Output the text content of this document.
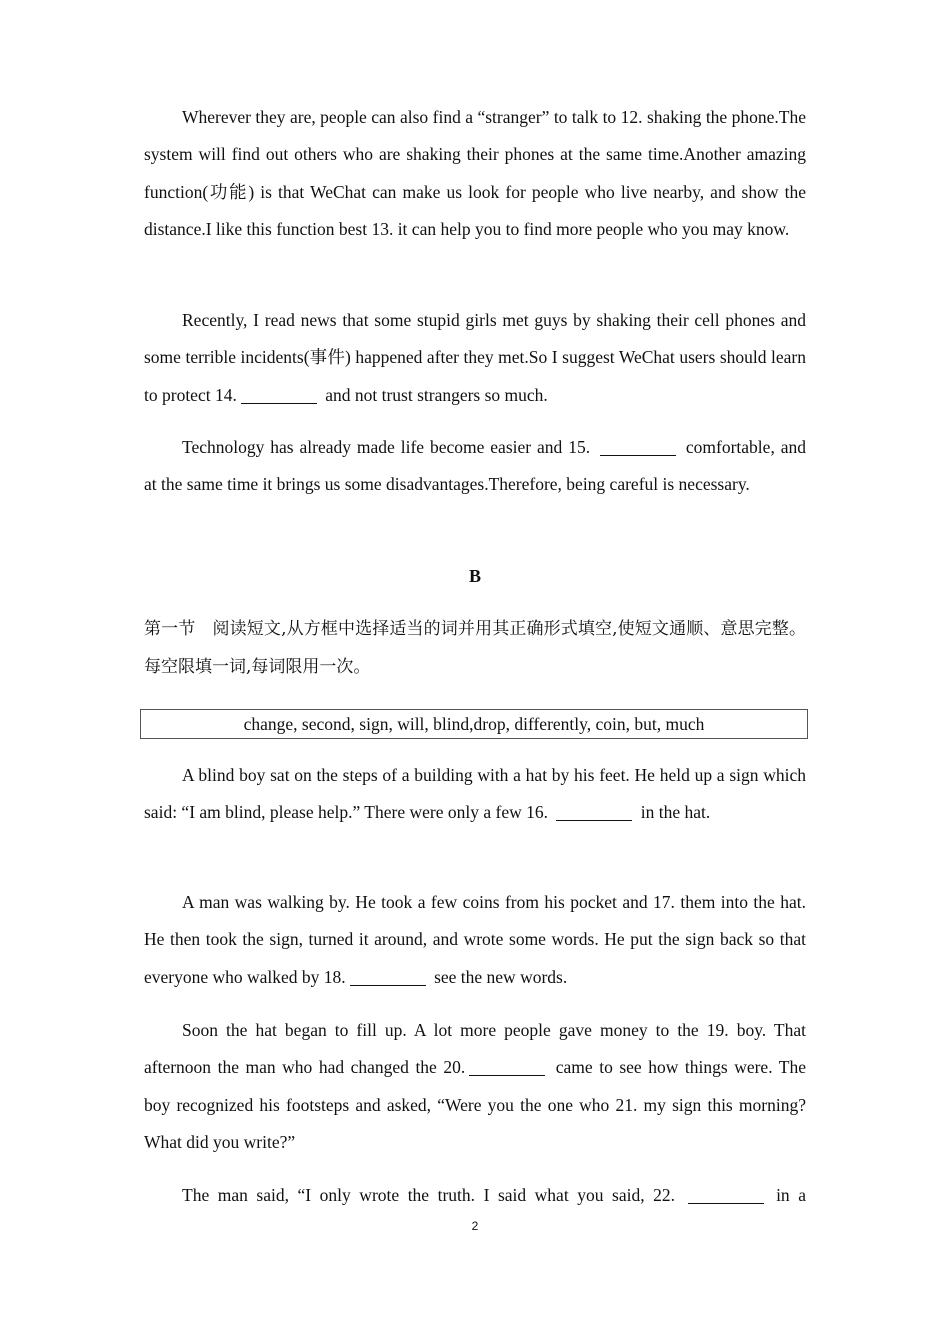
Wherever they are, people can also find a “stranger” to talk to 12. shaking the phone.The system will find out others who are shaking their phones at the same time.Another amazing function(功能) is that WeChat can make us look for people who live nearby, and show the distance.I like this function best 13. it can help you to find more people who you may know.

Recently, I read news that some stupid girls met guys by shaking their cell phones and some terrible incidents(事件) happened after they met.So I suggest WeChat users should learn to protect 14.	and not trust strangers so much.

Technology has already made life become easier and 15.	comfortable, and at the same time it brings us some disadvantages.Therefore, being careful is necessary.

B

第一节　阅读短文,从方框中选择适当的词并用其正确形式填空,使短文通顺、意思完整。每空限填一词,每词限用一次。

change, second, sign, will, blind,drop, differently, coin, but, much

A blind boy sat on the steps of a building with a hat by his feet. He held up a sign which said: “I am blind, please help.” There were only a few 16.	in the hat.

A man was walking by. He took a few coins from his pocket and 17. them into the hat. He then took the sign, turned it around, and wrote some words. He put the sign back so that everyone who walked by 18.	see the new words.

Soon the hat began to fill up. A lot more people gave money to the 19. boy. That afternoon the man who had changed the 20.	came to see how things were. The boy recognized his footsteps and asked, “Were you the one who 21. my sign this morning? What did you write?”

The man said, “I only wrote the truth. I said what you said, 22.	in a

2
